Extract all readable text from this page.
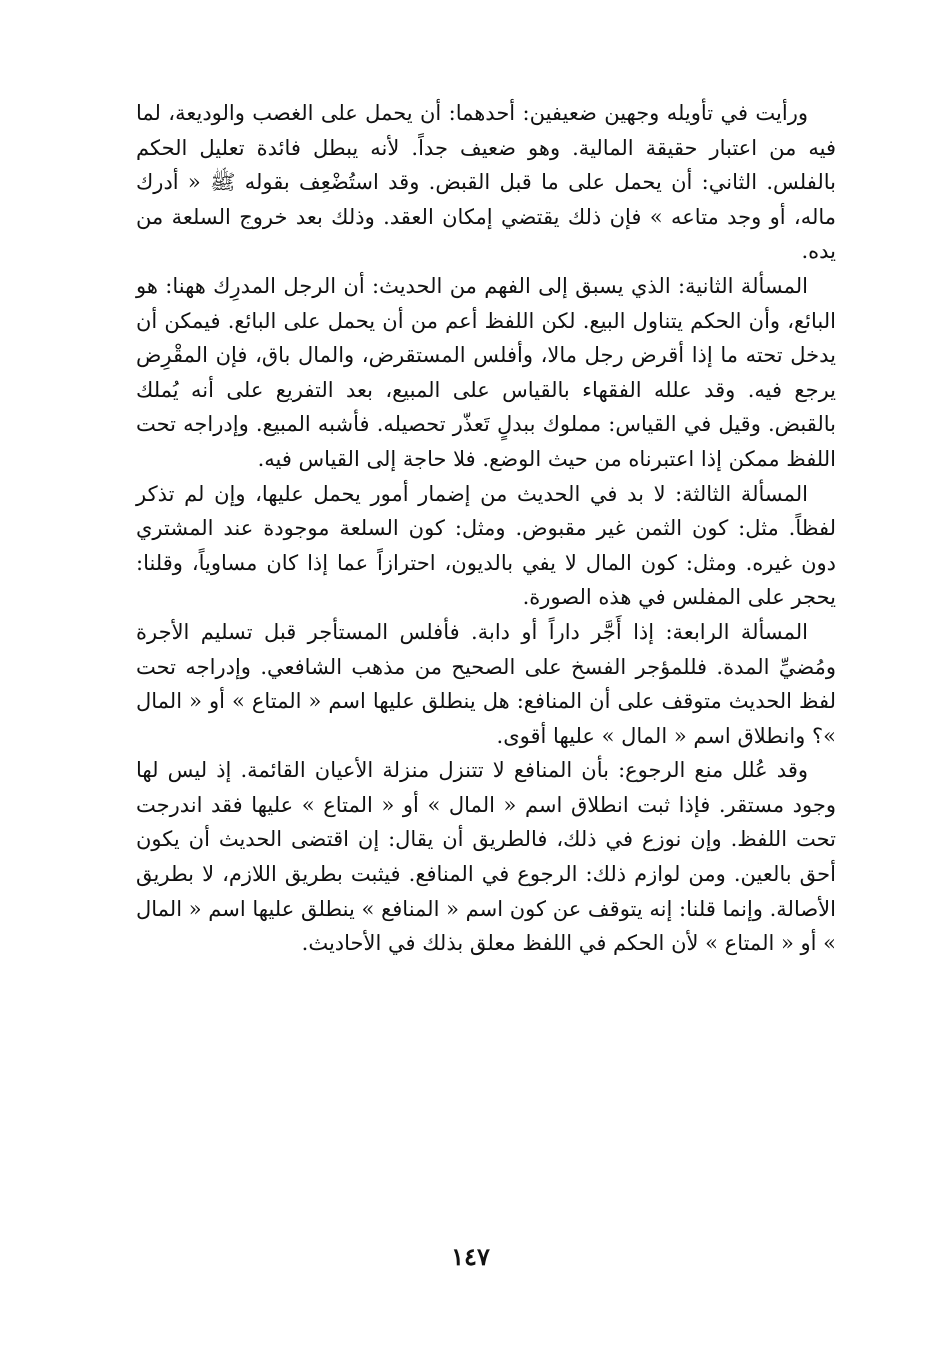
ورأيت في تأويله وجهين ضعيفين: أحدهما: أن يحمل على الغصب والوديعة، لما فيه من اعتبار حقيقة المالية. وهو ضعيف جداً. لأنه يبطل فائدة تعليل الحكم بالفلس. الثاني: أن يحمل على ما قبل القبض. وقد استُضْعِف بقوله ﷺ « أدرك ماله، أو وجد متاعه » فإن ذلك يقتضي إمكان العقد. وذلك بعد خروج السلعة من يده.

المسألة الثانية: الذي يسبق إلى الفهم من الحديث: أن الرجل المدرِك ههنا: هو البائع، وأن الحكم يتناول البيع. لكن اللفظ أعم من أن يحمل على البائع. فيمكن أن يدخل تحته ما إذا أقرض رجل مالا، وأفلس المستقرض، والمال باق، فإن المقْرِض يرجع فيه. وقد علله الفقهاء بالقياس على المبيع، بعد التفريع على أنه يُملك بالقبض. وقيل في القياس: مملوك ببدلٍ تَعذّر تحصيله. فأشبه المبيع. وإدراجه تحت اللفظ ممكن إذا اعتبرناه من حيث الوضع. فلا حاجة إلى القياس فيه.

المسألة الثالثة: لا بد في الحديث من إضمار أمور يحمل عليها، وإن لم تذكر لفظاً. مثل: كون الثمن غير مقبوض. ومثل: كون السلعة موجودة عند المشتري دون غيره. ومثل: كون المال لا يفي بالديون، احترازاً عما إذا كان مساوياً، وقلنا: يحجر على المفلس في هذه الصورة.

المسألة الرابعة: إذا أَجَّر داراً أو دابة. فأفلس المستأجر قبل تسليم الأجرة ومُضيِّ المدة. فللمؤجر الفسخ على الصحيح من مذهب الشافعي. وإدراجه تحت لفظ الحديث متوقف على أن المنافع: هل ينطلق عليها اسم « المتاع » أو « المال »؟ وانطلاق اسم « المال » عليها أقوى.

وقد عُلل منع الرجوع: بأن المنافع لا تتنزل منزلة الأعيان القائمة. إذ ليس لها وجود مستقر. فإذا ثبت انطلاق اسم « المال » أو « المتاع » عليها فقد اندرجت تحت اللفظ. وإن نوزع في ذلك، فالطريق أن يقال: إن اقتضى الحديث أن يكون أحق بالعين. ومن لوازم ذلك: الرجوع في المنافع. فيثبت بطريق اللازم، لا بطريق الأصالة. وإنما قلنا: إنه يتوقف عن كون اسم « المنافع » ينطلق عليها اسم « المال » أو « المتاع » لأن الحكم في اللفظ معلق بذلك في الأحاديث.

١٤٧
